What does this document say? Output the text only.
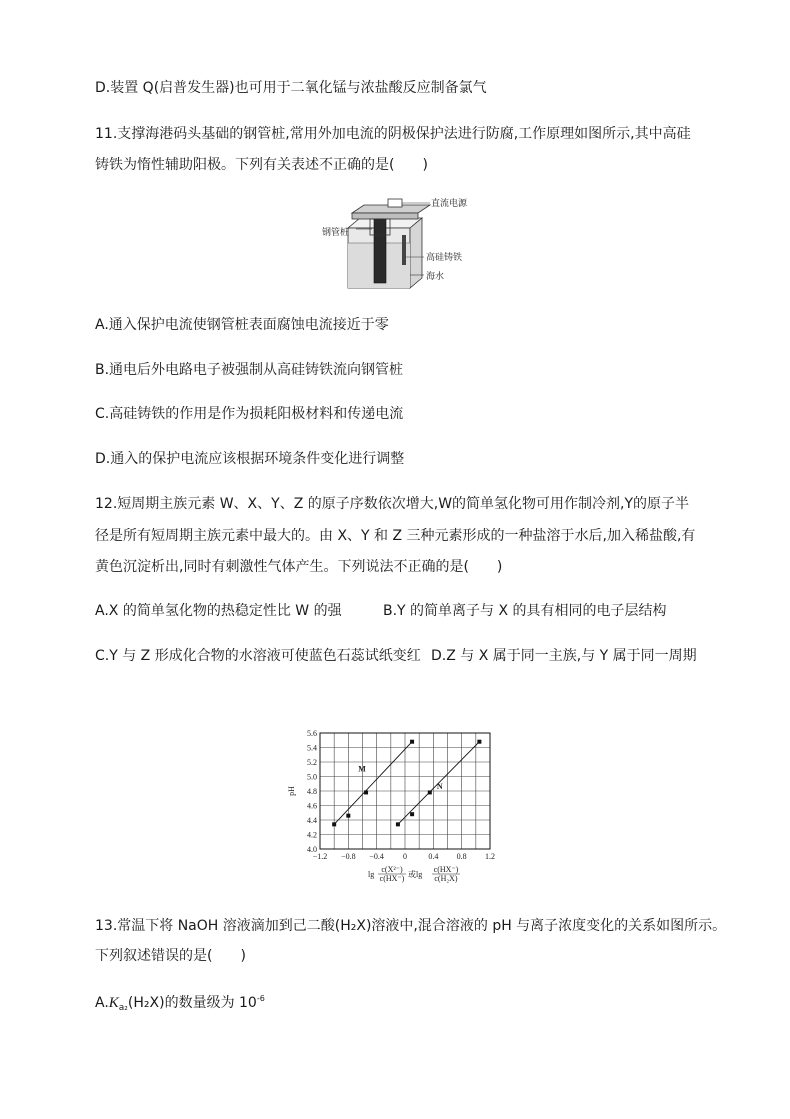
D.装置 Q(启普发生器)也可用于二氧化锰与浓盐酸反应制备氯气
11.支撑海港码头基础的钢管桩,常用外加电流的阴极保护法进行防腐,工作原理如图所示,其中高硅
铸铁为惰性辅助阳极。下列有关表述不正确的是(　　)
直流电源
钢管桩
高硅铸铁
海水
A.通入保护电流使钢管桩表面腐蚀电流接近于零
B.通电后外电路电子被强制从高硅铸铁流向钢管桩
C.高硅铸铁的作用是作为损耗阳极材料和传递电流
D.通入的保护电流应该根据环境条件变化进行调整
12.短周期主族元素 W、X、Y、Z 的原子序数依次增大,W的简单氢化物可用作制冷剂,Y的原子半
径是所有短周期主族元素中最大的。由 X、Y 和 Z 三种元素形成的一种盐溶于水后,加入稀盐酸,有
黄色沉淀析出,同时有刺激性气体产生。下列说法不正确的是(　　)
A.X 的简单氢化物的热稳定性比 W 的强	B.Y 的简单离子与 X 的具有相同的电子层结构
C.Y 与 Z 形成化合物的水溶液可使蓝色石蕊试纸变红 D.Z 与 X 属于同一主族,与 Y 属于同一周期
−1.2 −0.8 −0.4 0	0.4 0.8 1.2
4.0
4.2
4.4
4.6
4.8
5.0
5.2
5.4
5.6
pH
lg
c(X²⁻)
c(HX⁻) 或lg
c(HX⁻)
c(H₂X)
M
N
13.常温下将 NaOH 溶液滴加到己二酸(H₂X)溶液中,混合溶液的 pH 与离子浓度变化的关系如图所示。
下列叙述错误的是(　　)
$A.K_{a_2}(H_2X)$的数量级为 $10^{-6}$
